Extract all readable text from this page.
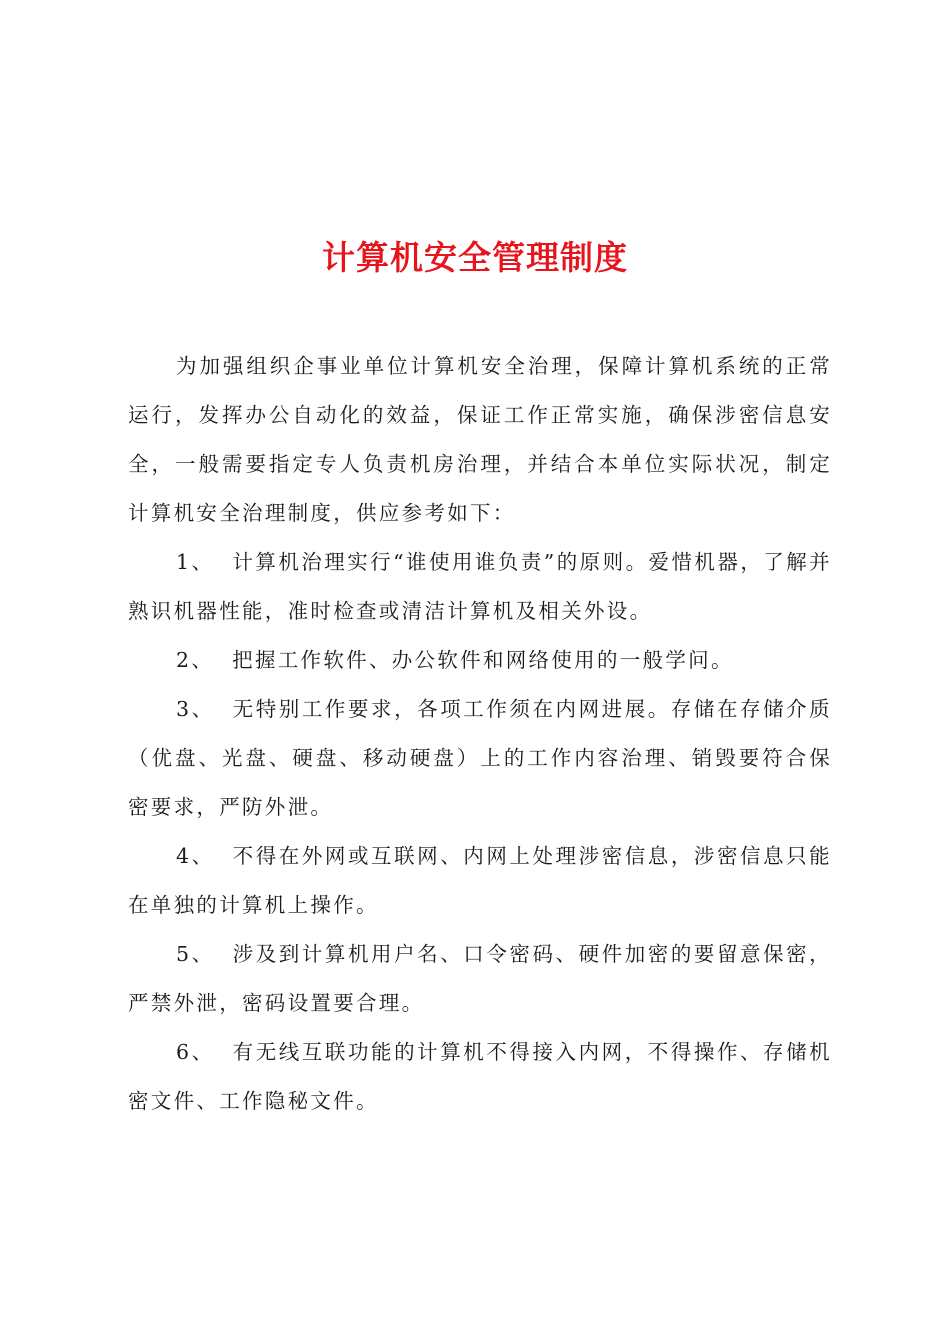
计算机安全管理制度

为加强组织企事业单位计算机安全治理，保障计算机系统的正常运行，发挥办公自动化的效益，保证工作正常实施，确保涉密信息安全，一般需要指定专人负责机房治理，并结合本单位实际状况，制定计算机安全治理制度，供应参考如下：

1、 计算机治理实行“谁使用谁负责”的原则。爱惜机器，了解并熟识机器性能，准时检查或清洁计算机及相关外设。

2、 把握工作软件、办公软件和网络使用的一般学问。

3、 无特别工作要求，各项工作须在内网进展。存储在存储介质（优盘、光盘、硬盘、移动硬盘）上的工作内容治理、销毁要符合保密要求，严防外泄。

4、 不得在外网或互联网、内网上处理涉密信息，涉密信息只能在单独的计算机上操作。

5、 涉及到计算机用户名、口令密码、硬件加密的要留意保密，严禁外泄，密码设置要合理。

6、 有无线互联功能的计算机不得接入内网，不得操作、存储机密文件、工作隐秘文件。
